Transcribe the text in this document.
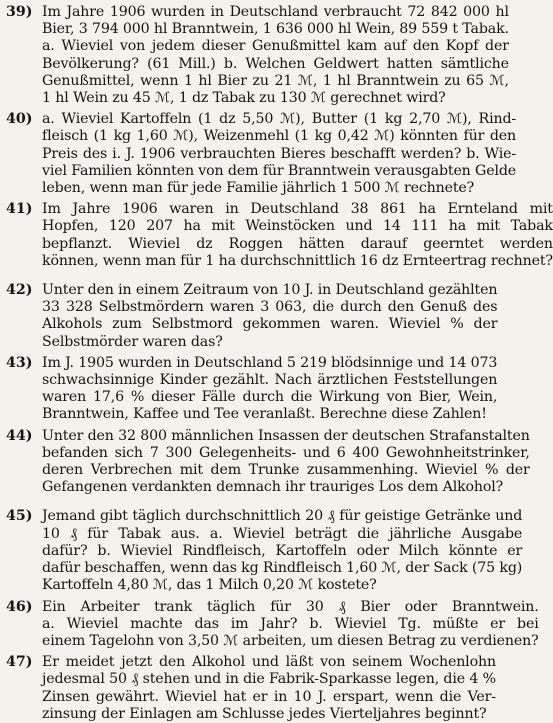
39) Im Jahre 1906 wurden in Deutschland verbraucht 72 842 000 hl
Bier, 3 794 000 hl Branntwein, 1 636 000 hl Wein, 89 559 t Tabak.
a. Wieviel von jedem dieser Genußmittel kam auf den Kopf der
Bevölkerung? (61 Mill.) b. Welchen Geldwert hatten sämtliche
Genußmittel, wenn 1 hl Bier zu 21 ℳ, 1 hl Branntwein zu 65 ℳ,
1 hl Wein zu 45 ℳ, 1 dz Tabak zu 130 ℳ gerechnet wird?
40) a. Wieviel Kartoffeln (1 dz 5,50 ℳ), Butter (1 kg 2,70 ℳ), Rind-
fleisch (1 kg 1,60 ℳ), Weizenmehl (1 kg 0,42 ℳ) könnten für den
Preis des i. J. 1906 verbrauchten Bieres beschafft werden? b. Wie-
viel Familien könnten von dem für Branntwein verausgabten Gelde
leben, wenn man für jede Familie jährlich 1 500 ℳ rechnete?
41) Im Jahre 1906 waren in Deutschland 38 861 ha Ernteland mit
Hopfen, 120 207 ha mit Weinstöcken und 14 111 ha mit Tabak
bepflanzt. Wieviel dz Roggen hätten darauf geerntet werden
können, wenn man für 1 ha durchschnittlich 16 dz Ernteertrag rechnet?
42) Unter den in einem Zeitraum von 10 J. in Deutschland gezählten
33 328 Selbstmördern waren 3 063, die durch den Genuß des
Alkohols zum Selbstmord gekommen waren. Wieviel % der
Selbstmörder waren das?
43) Im J. 1905 wurden in Deutschland 5 219 blödsinnige und 14 073
schwachsinnige Kinder gezählt. Nach ärztlichen Feststellungen
waren 17,6 % dieser Fälle durch die Wirkung von Bier, Wein,
Branntwein, Kaffee und Tee veranlaßt. Berechne diese Zahlen!
44) Unter den 32 800 männlichen Insassen der deutschen Strafanstalten
befanden sich 7 300 Gelegenheits- und 6 400 Gewohnheitstrinker,
deren Verbrechen mit dem Trunke zusammenhing. Wieviel % der
Gefangenen verdankten demnach ihr trauriges Los dem Alkohol?
45) Jemand gibt täglich durchschnittlich 20 ₰ für geistige Getränke und
10 ₰ für Tabak aus. a. Wieviel beträgt die jährliche Ausgabe
dafür? b. Wieviel Rindfleisch, Kartoffeln oder Milch könnte er
dafür beschaffen, wenn das kg Rindfleisch 1,60 ℳ, der Sack (75 kg)
Kartoffeln 4,80 ℳ, das 1 Milch 0,20 ℳ kostete?
46) Ein Arbeiter trank täglich für 30 ₰ Bier oder Branntwein.
a. Wieviel machte das im Jahr? b. Wieviel Tg. müßte er bei
einem Tagelohn von 3,50 ℳ arbeiten, um diesen Betrag zu verdienen?
47) Er meidet jetzt den Alkohol und läßt von seinem Wochenlohn
jedesmal 50 ₰ stehen und in die Fabrik-Sparkasse legen, die 4 %
Zinsen gewährt. Wieviel hat er in 10 J. erspart, wenn die Ver-
zinsung der Einlagen am Schlusse jedes Vierteljahres beginnt?
